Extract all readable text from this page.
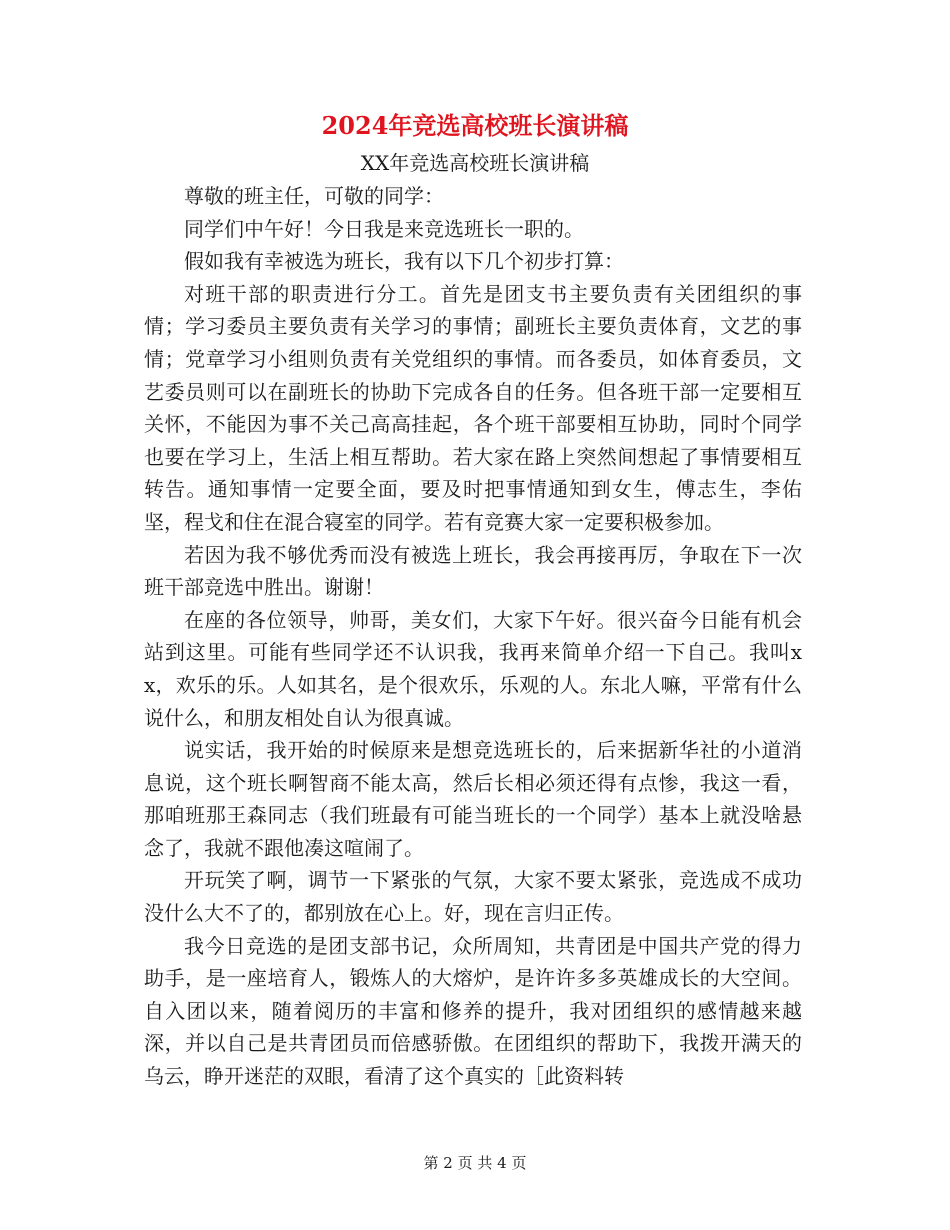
2024年竞选高校班长演讲稿
XX年竞选高校班长演讲稿

尊敬的班主任，可敬的同学：

同学们中午好！今日我是来竞选班长一职的。

假如我有幸被选为班长，我有以下几个初步打算：

对班干部的职责进行分工。首先是团支书主要负责有关团组织的事情；学习委员主要负责有关学习的事情；副班长主要负责体育，文艺的事情；党章学习小组则负责有关党组织的事情。而各委员，如体育委员，文艺委员则可以在副班长的协助下完成各自的任务。但各班干部一定要相互关怀，不能因为事不关己高高挂起，各个班干部要相互协助，同时个同学也要在学习上，生活上相互帮助。若大家在路上突然间想起了事情要相互转告。通知事情一定要全面，要及时把事情通知到女生，傅志生，李佑坚，程戈和住在混合寝室的同学。若有竞赛大家一定要积极参加。

若因为我不够优秀而没有被选上班长，我会再接再厉，争取在下一次班干部竞选中胜出。谢谢！

在座的各位领导，帅哥，美女们，大家下午好。很兴奋今日能有机会站到这里。可能有些同学还不认识我，我再来简单介绍一下自己。我叫xx，欢乐的乐。人如其名，是个很欢乐，乐观的人。东北人嘛，平常有什么说什么，和朋友相处自认为很真诚。

说实话，我开始的时候原来是想竞选班长的，后来据新华社的小道消息说，这个班长啊智商不能太高，然后长相必须还得有点惨，我这一看，那咱班那王森同志（我们班最有可能当班长的一个同学）基本上就没啥悬念了，我就不跟他凑这喧闹了。

开玩笑了啊，调节一下紧张的气氛，大家不要太紧张，竞选成不成功没什么大不了的，都别放在心上。好，现在言归正传。

我今日竞选的是团支部书记，众所周知，共青团是中国共产党的得力助手，是一座培育人，锻炼人的大熔炉，是许许多多英雄成长的大空间。自入团以来，随着阅历的丰富和修养的提升，我对团组织的感情越来越深，并以自己是共青团员而倍感骄傲。在团组织的帮助下，我拨开满天的乌云，睁开迷茫的双眼，看清了这个真实的［此资料转

第 2 页 共 4 页
